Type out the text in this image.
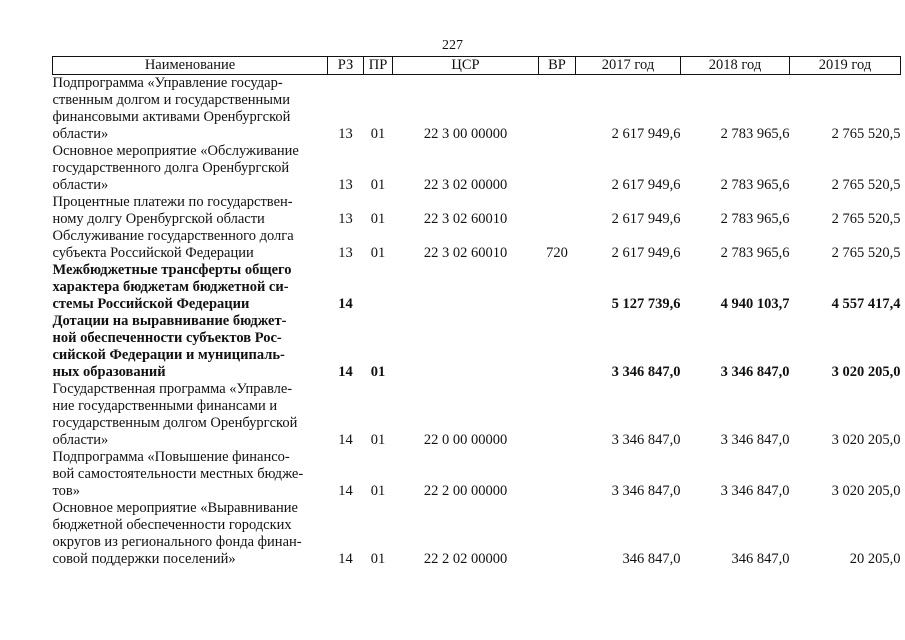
227
Наименование	РЗ	ПР	ЦСР	ВР	2017 год	2018 год	2019 год
Подпрограмма «Управление государ-
ственным долгом и государственными
финансовыми активами Оренбургской
области»	13	01	22 3 00 00000		2 617 949,6	2 783 965,6	2 765 520,5
Основное мероприятие «Обслуживание
государственного долга Оренбургской
области»	13	01	22 3 02 00000		2 617 949,6	2 783 965,6	2 765 520,5
Процентные платежи по государствен-
ному долгу Оренбургской области	13	01	22 3 02 60010		2 617 949,6	2 783 965,6	2 765 520,5
Обслуживание государственного долга
субъекта Российской Федерации	13	01	22 3 02 60010	720	2 617 949,6	2 783 965,6	2 765 520,5
Межбюджетные трансферты общего
характера бюджетам бюджетной си-
стемы Российской Федерации	14				5 127 739,6	4 940 103,7	4 557 417,4
Дотации на выравнивание бюджет-
ной обеспеченности субъектов Рос-
сийской Федерации и муниципаль-
ных образований	14	01			3 346 847,0	3 346 847,0	3 020 205,0
Государственная программа «Управле-
ние государственными финансами и
государственным долгом Оренбургской
области»	14	01	22 0 00 00000		3 346 847,0	3 346 847,0	3 020 205,0
Подпрограмма «Повышение финансо-
вой самостоятельности местных бюдже-
тов»	14	01	22 2 00 00000		3 346 847,0	3 346 847,0	3 020 205,0
Основное мероприятие «Выравнивание
бюджетной обеспеченности городских
округов из регионального фонда финан-
совой поддержки поселений»	14	01	22 2 02 00000		346 847,0	346 847,0	20 205,0
